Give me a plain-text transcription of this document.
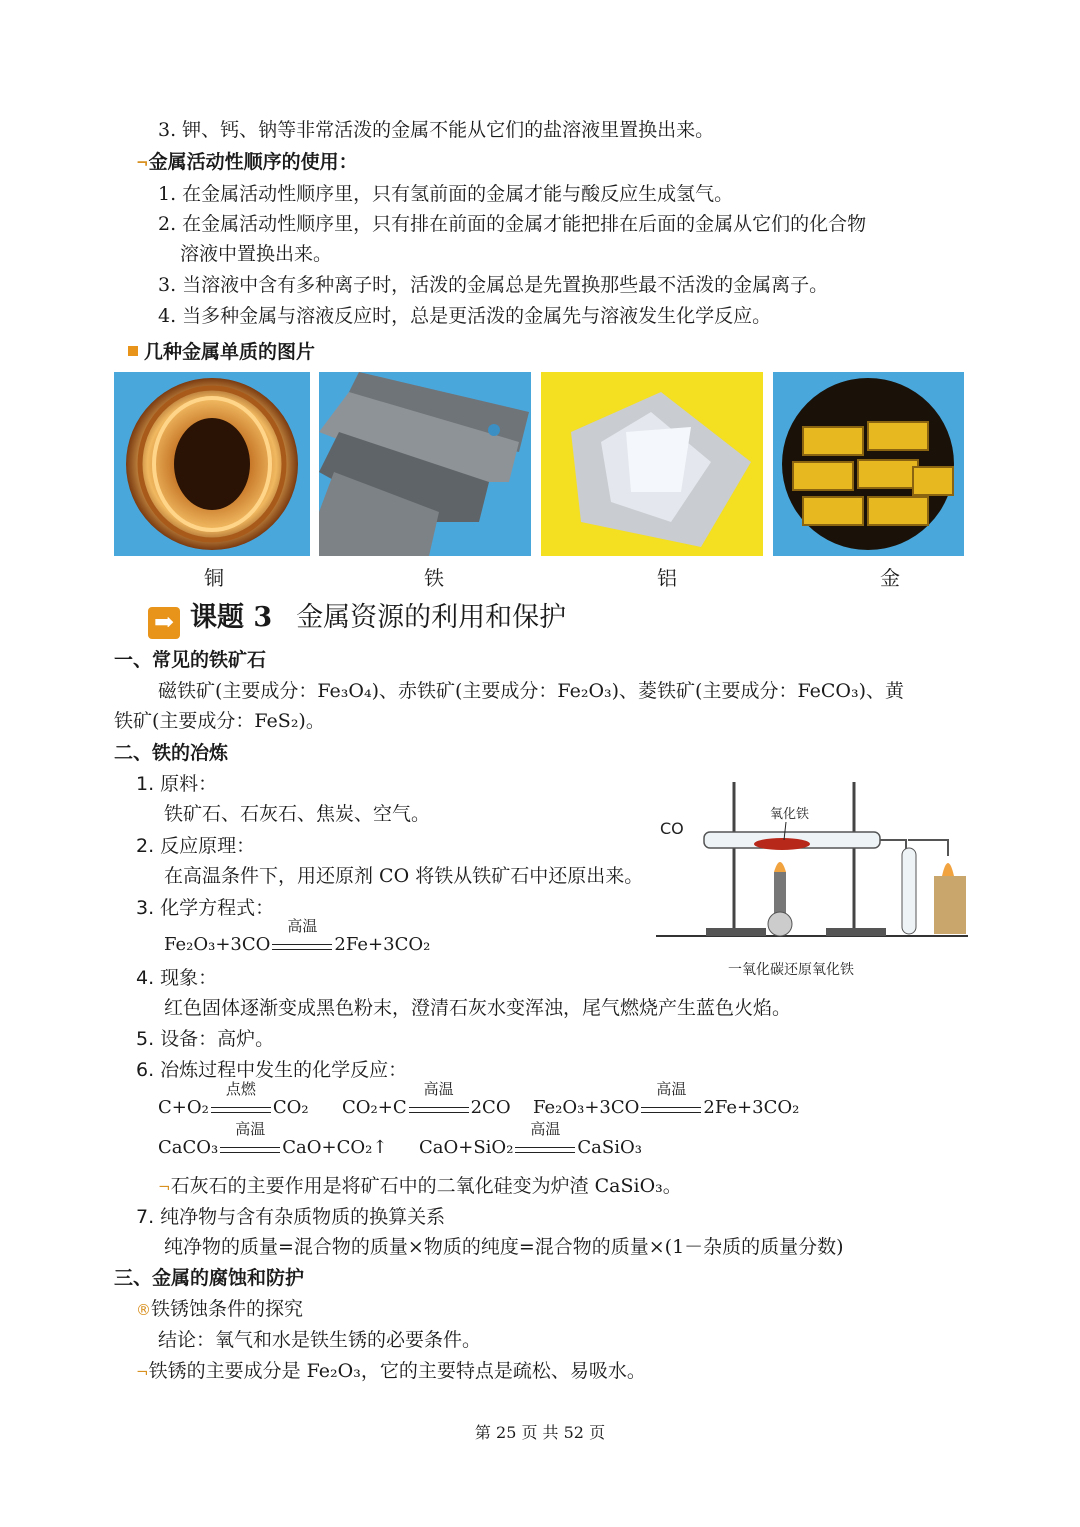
3. 钾、钙、钠等非常活泼的金属不能从它们的盐溶液里置换出来。
¬金属活动性顺序的使用：
1. 在金属活动性顺序里，只有氢前面的金属才能与酸反应生成氢气。
2. 在金属活动性顺序里，只有排在前面的金属才能把排在后面的金属从它们的化合物
溶液中置换出来。
3. 当溶液中含有多种离子时，活泼的金属总是先置换那些最不活泼的金属离子。
4. 当多种金属与溶液反应时，总是更活泼的金属先与溶液发生化学反应。
几种金属单质的图片
铜	铁	铝	金
➡ 课题 3 金属资源的利用和保护
一、常见的铁矿石
磁铁矿(主要成分：Fe₃O₄)、赤铁矿(主要成分：Fe₂O₃)、菱铁矿(主要成分：FeCO₃)、黄
铁矿(主要成分：FeS₂)。
二、铁的冶炼
1. 原料：
铁矿石、石灰石、焦炭、空气。
2. 反应原理：
在高温条件下，用还原剂 CO 将铁从铁矿石中还原出来。
3. 化学方程式：
Fe₂O₃+3CO
高温
2Fe+3CO₂
CO
氧化铁
一氧化碳还原氧化铁
4. 现象：
红色固体逐渐变成黑色粉末，澄清石灰水变浑浊，尾气燃烧产生蓝色火焰。
5. 设备：高炉。
6. 冶炼过程中发生的化学反应：
C+O₂
点燃
CO₂ CO₂+C
高温
2CO Fe₂O₃+3CO
高温
2Fe+3CO₂
CaCO₃
高温
CaO+CO₂↑ CaO+SiO₂
高温
CaSiO₃
¬石灰石的主要作用是将矿石中的二氧化硅变为炉渣 CaSiO₃。
7. 纯净物与含有杂质物质的换算关系
纯净物的质量=混合物的质量×物质的纯度=混合物的质量×(1－杂质的质量分数)
三、金属的腐蚀和防护
®铁锈蚀条件的探究
结论：氧气和水是铁生锈的必要条件。
¬铁锈的主要成分是 Fe₂O₃，它的主要特点是疏松、易吸水。
第 25 页 共 52 页
